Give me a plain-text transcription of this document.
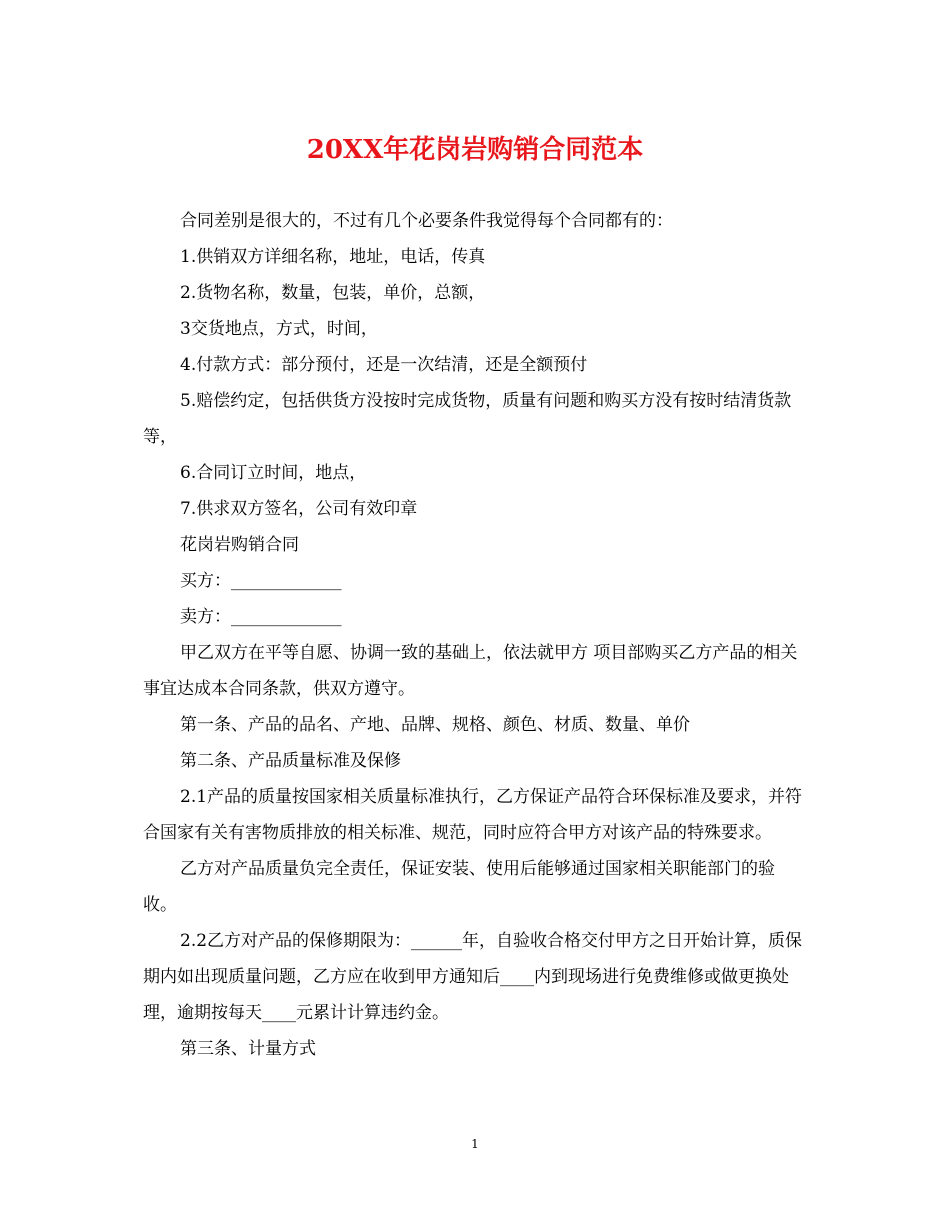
20XX年花岗岩购销合同范本

合同差别是很大的，不过有几个必要条件我觉得每个合同都有的：

1.供销双方详细名称，地址，电话，传真

2.货物名称，数量，包装，单价，总额，

3交货地点，方式，时间，

4.付款方式：部分预付，还是一次结清，还是全额预付

5.赔偿约定，包括供货方没按时完成货物，质量有问题和购买方没有按时结清货款等，

6.合同订立时间，地点，

7.供求双方签名，公司有效印章

花岗岩购销合同

买方：_____________

卖方：_____________

甲乙双方在平等自愿、协调一致的基础上，依法就甲方 项目部购买乙方产品的相关事宜达成本合同条款，供双方遵守。

第一条、产品的品名、产地、品牌、规格、颜色、材质、数量、单价

第二条、产品质量标准及保修

2.1产品的质量按国家相关质量标准执行，乙方保证产品符合环保标准及要求，并符合国家有关有害物质排放的相关标准、规范，同时应符合甲方对该产品的特殊要求。

乙方对产品质量负完全责任，保证安装、使用后能够通过国家相关职能部门的验收。

2.2乙方对产品的保修期限为：______年，自验收合格交付甲方之日开始计算，质保期内如出现质量问题，乙方应在收到甲方通知后____内到现场进行免费维修或做更换处理，逾期按每天____元累计计算违约金。

第三条、计量方式

1
